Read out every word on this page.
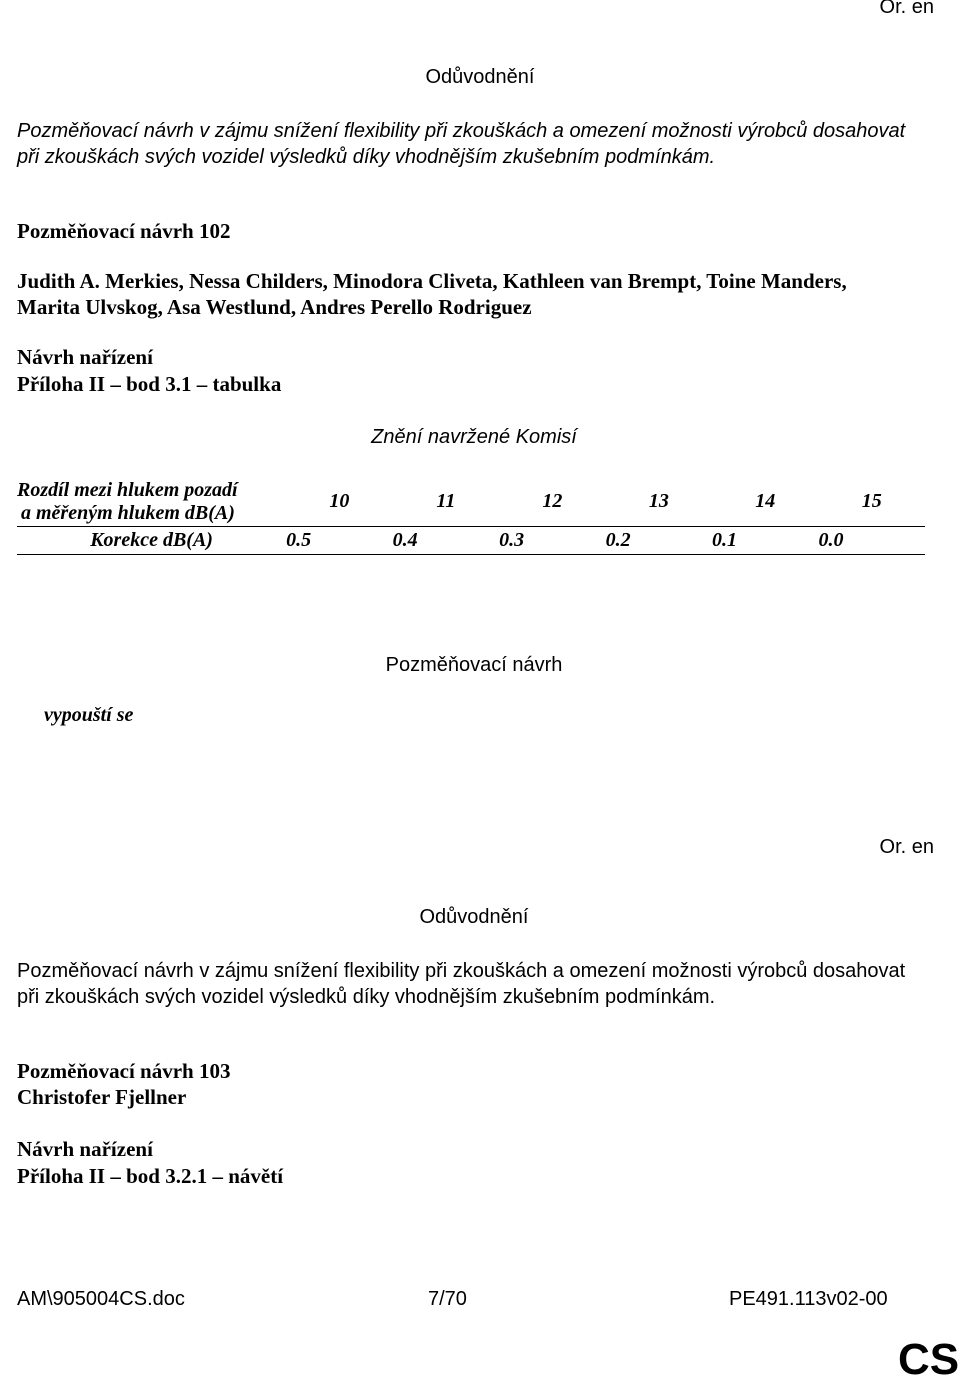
Or. en
Odůvodnění
Pozměňovací návrh v zájmu snížení flexibility při zkouškách a omezení možnosti výrobců dosahovat
při zkouškách svých vozidel výsledků díky vhodnějším zkušebním podmínkám.
Pozměňovací návrh 102
Judith A. Merkies, Nessa Childers, Minodora Cliveta, Kathleen van Brempt, Toine Manders,
Marita Ulvskog, Asa Westlund, Andres Perello Rodriguez
Návrh nařízení
Příloha II – bod 3.1 – tabulka
Znění navržené Komisí
Rozdíl mezi hlukem pozadí
a měřeným hlukem dB(A)	10	11	12	13	14	15
Korekce dB(A)	0.5	0.4	0.3	0.2	0.1	0.0
Pozměňovací návrh
vypouští se
Or. en
Odůvodnění
Pozměňovací návrh v zájmu snížení flexibility při zkouškách a omezení možnosti výrobců dosahovat
při zkouškách svých vozidel výsledků díky vhodnějším zkušebním podmínkám.
Pozměňovací návrh 103
Christofer Fjellner
Návrh nařízení
Příloha II – bod 3.2.1 – návětí
AM\905004CS.doc	7/70	PE491.113v02-00
CS
